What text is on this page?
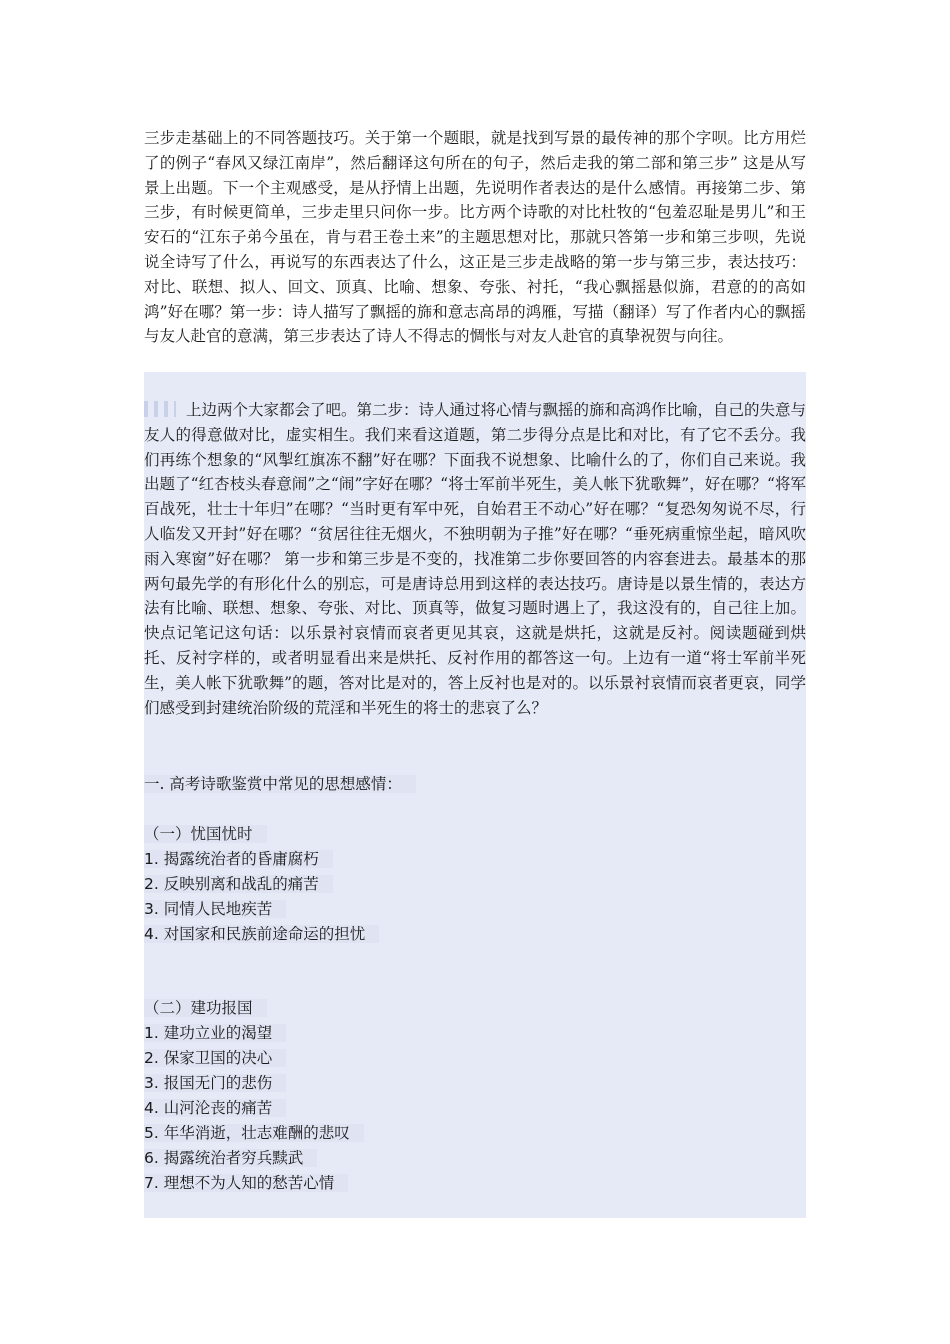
三步走基础上的不同答题技巧。关于第一个题眼，就是找到写景的最传神的那个字呗。比方用烂了的例子“春风又绿江南岸”，然后翻译这句所在的句子，然后走我的第二部和第三步” 这是从写景上出题。下一个主观感受，是从抒情上出题，先说明作者表达的是什么感情。再接第二步、第三步，有时候更简单，三步走里只问你一步。比方两个诗歌的对比杜牧的“包羞忍耻是男儿”和王安石的“江东子弟今虽在，肯与君王卷土来”的主题思想对比，那就只答第一步和第三步呗，先说说全诗写了什么，再说写的东西表达了什么，这正是三步走战略的第一步与第三步，表达技巧：对比、联想、拟人、回文、顶真、比喻、想象、夸张、衬托，“我心飘摇悬似旆，君意的的高如鸿”好在哪？第一步：诗人描写了飘摇的旆和意志高昂的鸿雁，写描（翻译）写了作者内心的飘摇与友人赴官的意满，第三步表达了诗人不得志的惆怅与对友人赴官的真挚祝贺与向往。

上边两个大家都会了吧。第二步：诗人通过将心情与飘摇的旆和高鸿作比喻，自己的失意与友人的得意做对比，虚实相生。我们来看这道题，第二步得分点是比和对比，有了它不丢分。我们再练个想象的“风掣红旗冻不翻”好在哪？下面我不说想象、比喻什么的了，你们自己来说。我出题了“红杏枝头春意闹”之“闹”字好在哪？“将士军前半死生，美人帐下犹歌舞”，好在哪？“将军百战死，壮士十年归”在哪？“当时更有军中死，自始君王不动心”好在哪？“复恐匆匆说不尽，行人临发又开封”好在哪？“贫居往往无烟火，不独明朝为子推”好在哪？“垂死病重惊坐起，暗风吹雨入寒窗”好在哪？ 第一步和第三步是不变的，找准第二步你要回答的内容套进去。最基本的那两句最先学的有形化什么的别忘，可是唐诗总用到这样的表达技巧。唐诗是以景生情的，表达方法有比喻、联想、想象、夸张、对比、顶真等，做复习题时遇上了，我这没有的，自己往上加。快点记笔记这句话：以乐景衬哀情而哀者更见其哀，这就是烘托，这就是反衬。阅读题碰到烘托、反衬字样的，或者明显看出来是烘托、反衬作用的都答这一句。上边有一道“将士军前半死生，美人帐下犹歌舞”的题，答对比是对的，答上反衬也是对的。以乐景衬哀情而哀者更哀，同学们感受到封建统治阶级的荒淫和半死生的将士的悲哀了么？

一. 高考诗歌鉴赏中常见的思想感情：
（一）忧国忧时
1. 揭露统治者的昏庸腐朽
2. 反映别离和战乱的痛苦
3. 同情人民地疾苦
4. 对国家和民族前途命运的担忧
（二）建功报国
1. 建功立业的渴望
2. 保家卫国的决心
3. 报国无门的悲伤
4. 山河沦丧的痛苦
5. 年华消逝，壮志难酬的悲叹
6. 揭露统治者穷兵黩武
7. 理想不为人知的愁苦心情
